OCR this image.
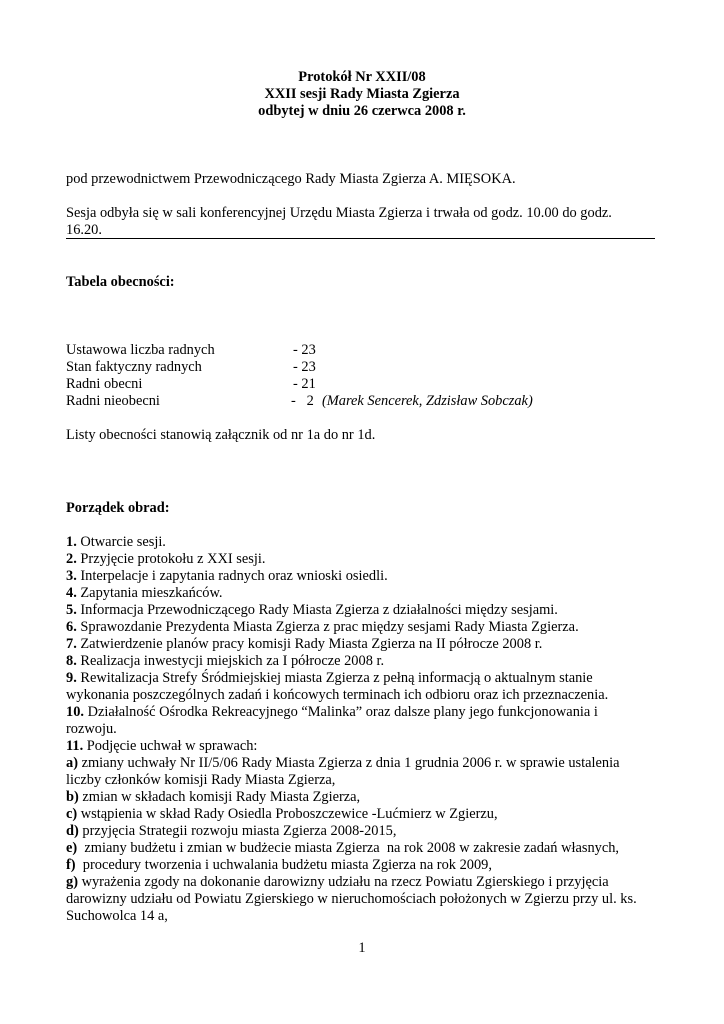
Protokół Nr XXII/08
XXII sesji Rady Miasta Zgierza
odbytej w dniu 26 czerwca 2008 r.
pod przewodnictwem Przewodniczącego Rady Miasta Zgierza A. MIĘSOKA.
Sesja odbyła się w sali konferencyjnej Urzędu Miasta Zgierza i trwała od godz. 10.00 do godz.
16.20.
Tabela obecności:
Ustawowa liczba radnych	- 23
Stan faktyczny radnych	- 23
Radni obecni	- 21
Radni nieobecni	-   2 (Marek Sencerek, Zdzisław Sobczak)
Listy obecności stanowią załącznik od nr 1a do nr 1d.
Porządek obrad:
1. Otwarcie sesji.
2. Przyjęcie protokołu z XXI sesji.
3. Interpelacje i zapytania radnych oraz wnioski osiedli.
4. Zapytania mieszkańców.
5. Informacja Przewodniczącego Rady Miasta Zgierza z działalności między sesjami.
6. Sprawozdanie Prezydenta Miasta Zgierza z prac między sesjami Rady Miasta Zgierza.
7. Zatwierdzenie planów pracy komisji Rady Miasta Zgierza na II półrocze 2008 r.
8. Realizacja inwestycji miejskich za I półrocze 2008 r.
9. Rewitalizacja Strefy Śródmiejskiej miasta Zgierza z pełną informacją o aktualnym stanie
wykonania poszczególnych zadań i końcowych terminach ich odbioru oraz ich przeznaczenia.
10. Działalność Ośrodka Rekreacyjnego “Malinka” oraz dalsze plany jego funkcjonowania i
rozwoju.
11. Podjęcie uchwał w sprawach:
a) zmiany uchwały Nr II/5/06 Rady Miasta Zgierza z dnia 1 grudnia 2006 r. w sprawie ustalenia
liczby członków komisji Rady Miasta Zgierza,
b) zmian w składach komisji Rady Miasta Zgierza,
c) wstąpienia w skład Rady Osiedla Proboszczewice -Lućmierz w Zgierzu,
d) przyjęcia Strategii rozwoju miasta Zgierza 2008-2015,
e)  zmiany budżetu i zmian w budżecie miasta Zgierza  na rok 2008 w zakresie zadań własnych,
f)  procedury tworzenia i uchwalania budżetu miasta Zgierza na rok 2009,
g) wyrażenia zgody na dokonanie darowizny udziału na rzecz Powiatu Zgierskiego i przyjęcia
darowizny udziału od Powiatu Zgierskiego w nieruchomościach położonych w Zgierzu przy ul. ks.
Suchowolca 14 a,
1
